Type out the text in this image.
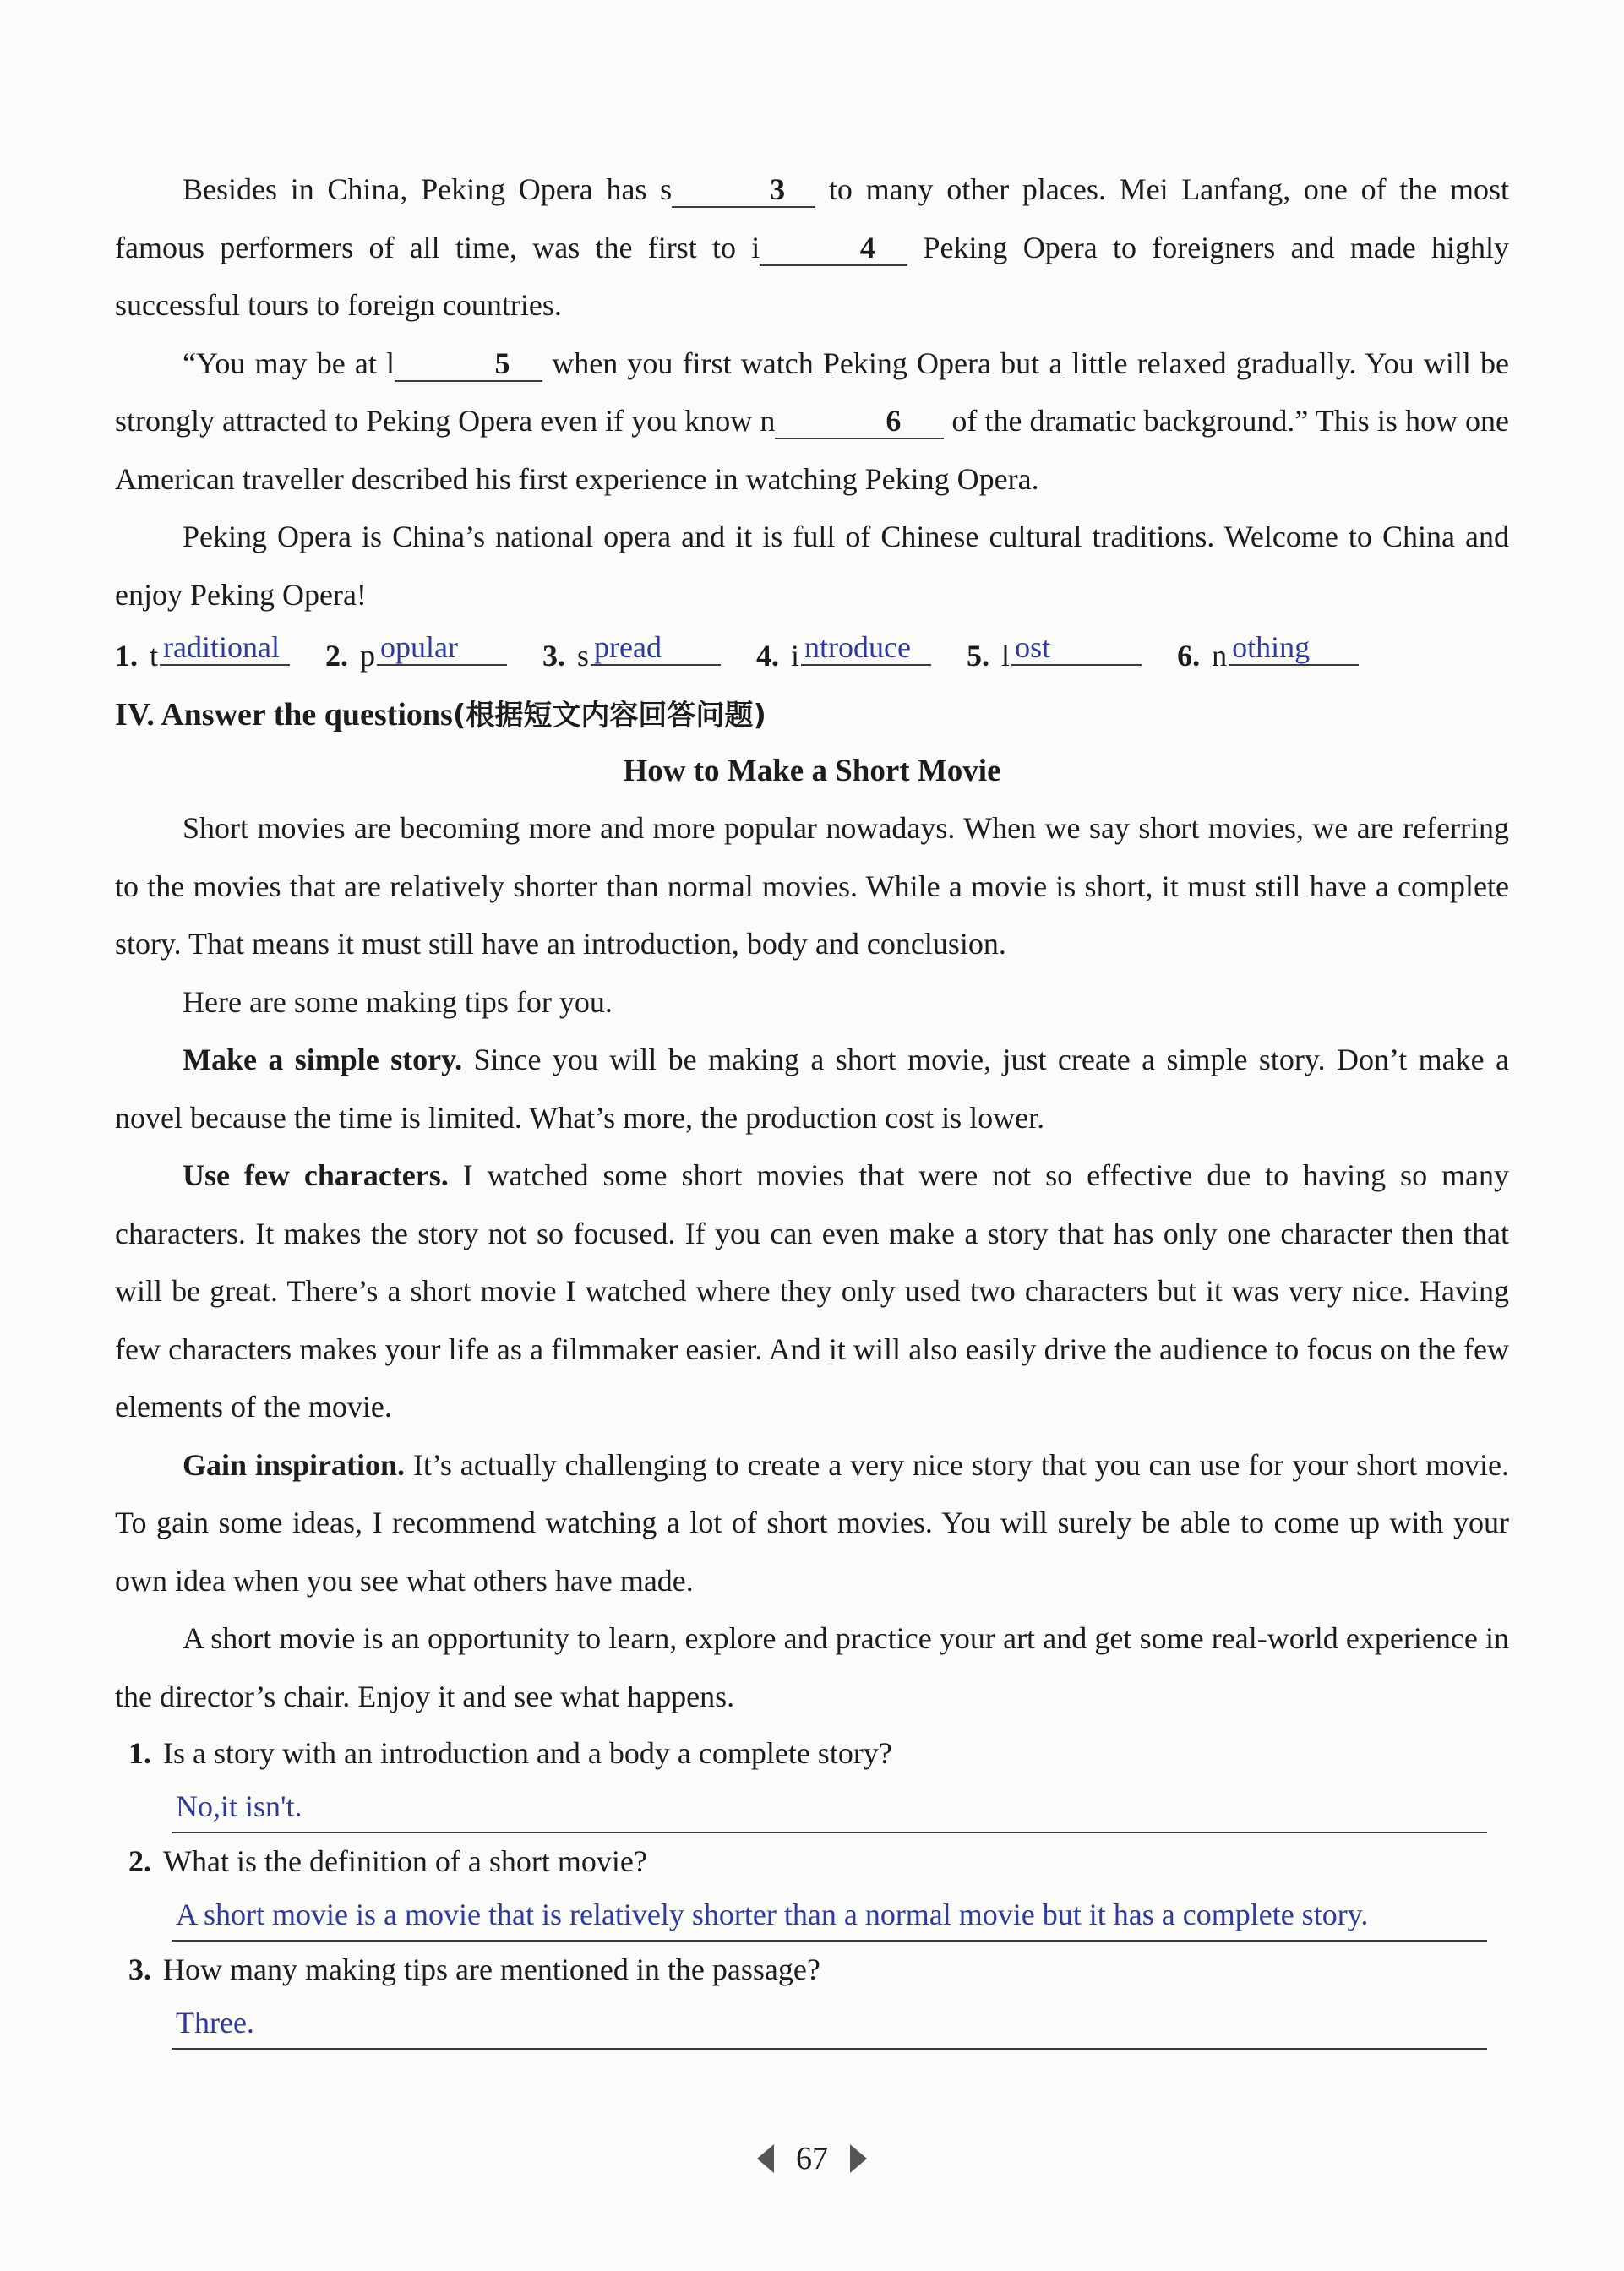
Besides in China, Peking Opera has s	3 to many other places. Mei Lanfang, one of the most famous performers of all time, was the first to i	4 Peking Opera to foreigners and made highly successful tours to foreign countries.

“You may be at l	5 when you first watch Peking Opera but a little relaxed gradually. You will be strongly attracted to Peking Opera even if you know n	6 of the dramatic background.” This is how one American traveller described his first experience in watching Peking Opera.

Peking Opera is China’s national opera and it is full of Chinese cultural traditions. Welcome to China and enjoy Peking Opera!

1. t raditional	2. p opular	3. s pread	4. i ntroduce	5. l ost	6. n othing
IV. Answer the questions(根据短文内容回答问题)
How to Make a Short Movie

Short movies are becoming more and more popular nowadays. When we say short movies, we are referring to the movies that are relatively shorter than normal movies. While a movie is short, it must still have a complete story. That means it must still have an introduction, body and conclusion.

Here are some making tips for you.

Make a simple story. Since you will be making a short movie, just create a simple story. Don’t make a novel because the time is limited. What’s more, the production cost is lower.

Use few characters. I watched some short movies that were not so effective due to having so many characters. It makes the story not so focused. If you can even make a story that has only one character then that will be great. There’s a short movie I watched where they only used two characters but it was very nice. Having few characters makes your life as a filmmaker easier. And it will also easily drive the audience to focus on the few elements of the movie.

Gain inspiration. It’s actually challenging to create a very nice story that you can use for your short movie. To gain some ideas, I recommend watching a lot of short movies. You will surely be able to come up with your own idea when you see what others have made.

A short movie is an opportunity to learn, explore and practice your art and get some real-world experience in the director’s chair. Enjoy it and see what happens.

1. Is a story with an introduction and a body a complete story?
No,it isn't.
2. What is the definition of a short movie?
A short movie is a movie that is relatively shorter than a normal movie but it has a complete story.
3. How many making tips are mentioned in the passage?
Three.
67
